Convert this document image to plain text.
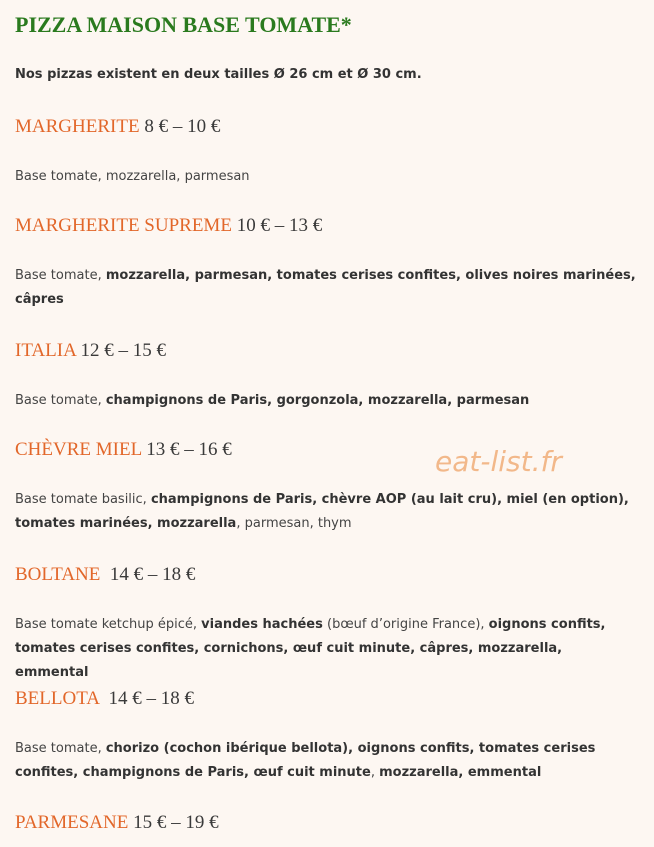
PIZZA MAISON BASE TOMATE*
Nos pizzas existent en deux tailles Ø 26 cm et Ø 30 cm.
MARGHERITE 8 € – 10 €
Base tomate, mozzarella, parmesan
MARGHERITE SUPREME 10 € – 13 €
Base tomate, mozzarella, parmesan, tomates cerises confites, olives noires marinées, câpres
ITALIA 12 € – 15 €
Base tomate, champignons de Paris, gorgonzola, mozzarella, parmesan
CHÈVRE MIEL 13 € – 16 €
Base tomate basilic, champignons de Paris, chèvre AOP (au lait cru), miel (en option), tomates marinées, mozzarella, parmesan, thym
BOLTANE  14 € – 18 €
Base tomate ketchup épicé, viandes hachées (bœuf d’origine France), oignons confits, tomates cerises confites, cornichons, œuf cuit minute, câpres, mozzarella, emmental
BELLOTA  14 € – 18 €
Base tomate, chorizo (cochon ibérique bellota), oignons confits, tomates cerises confites, champignons de Paris, œuf cuit minute, mozzarella, emmental
PARMESANE 15 € – 19 €
eat-list.fr
